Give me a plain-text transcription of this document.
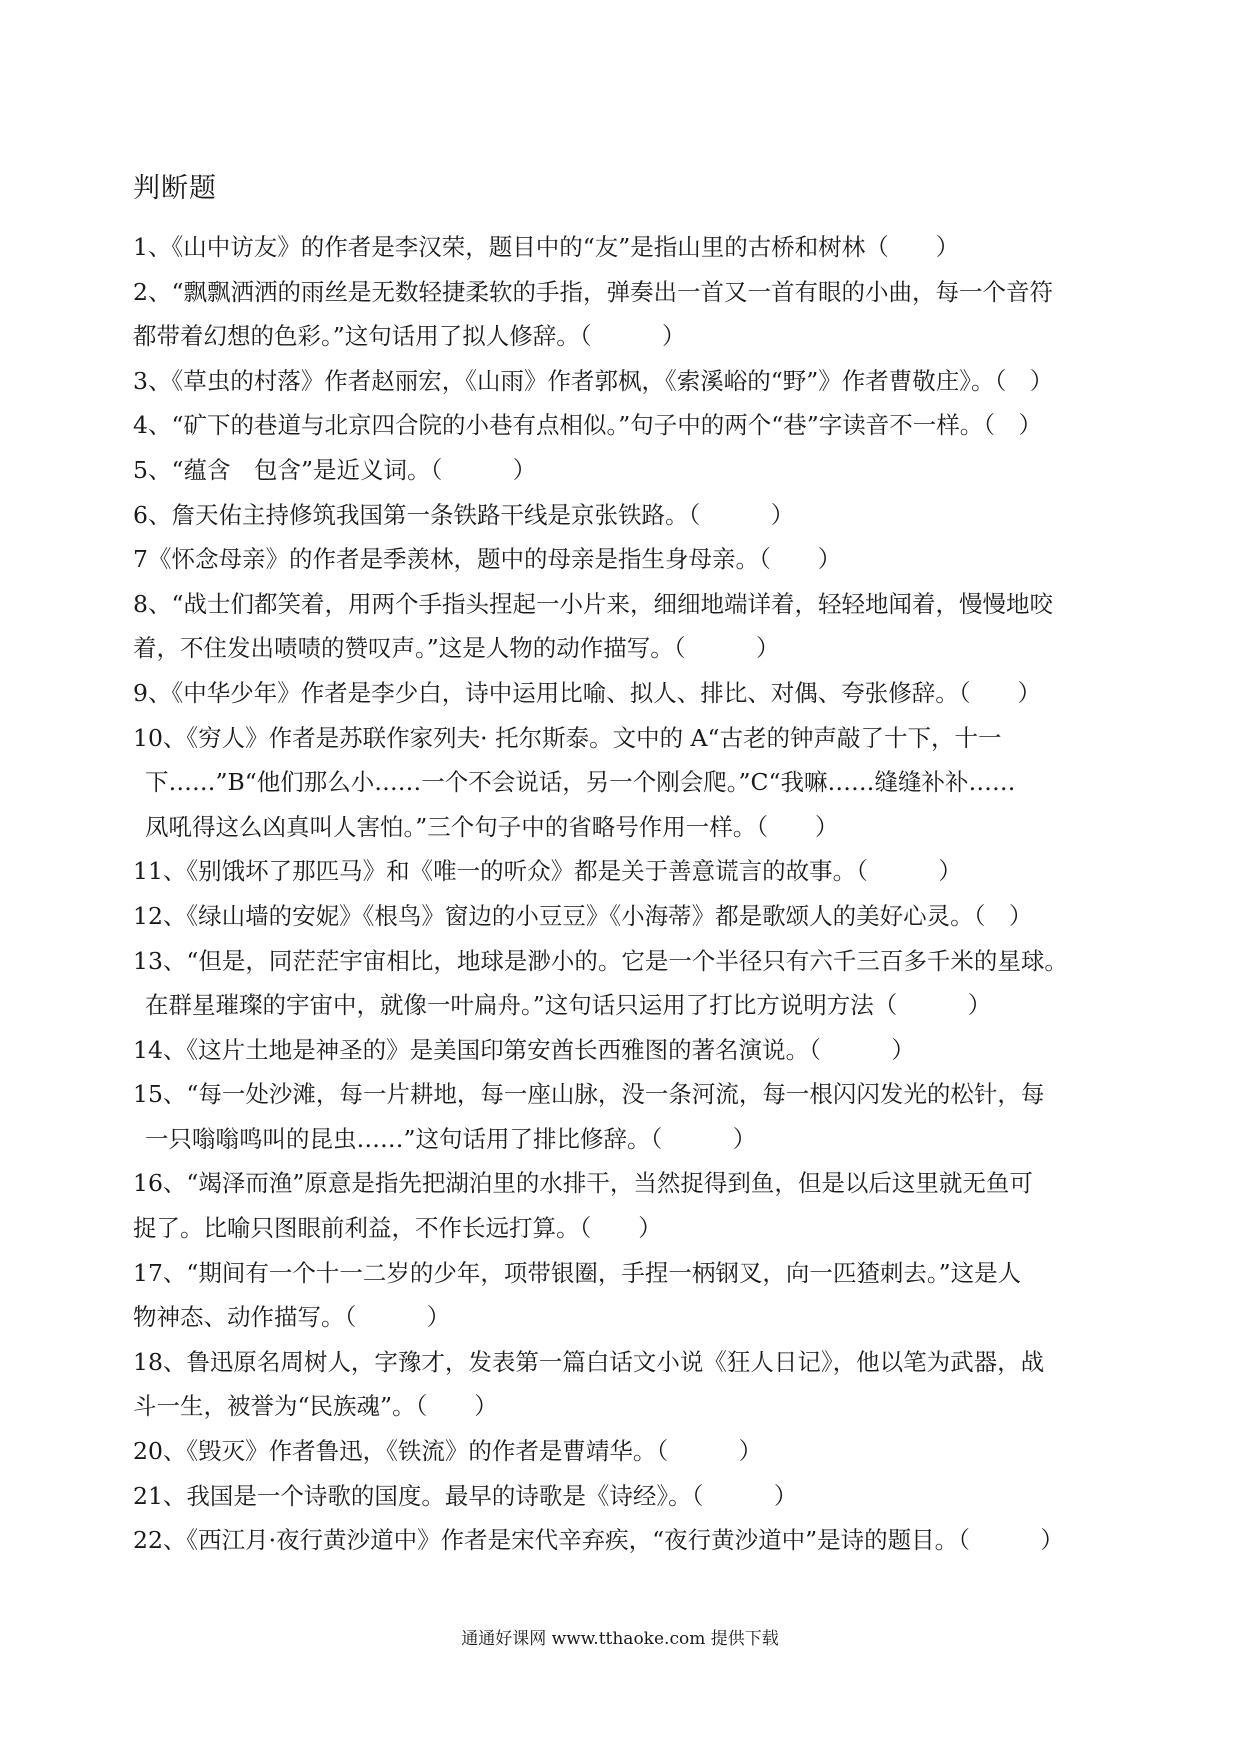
判断题
1、《山中访友》的作者是李汉荣，题目中的“友”是指山里的古桥和树林（　　）
2、“飘飘洒洒的雨丝是无数轻捷柔软的手指，弹奏出一首又一首有眼的小曲，每一个音符
都带着幻想的色彩。”这句话用了拟人修辞。（　　　）
3、《草虫的村落》作者赵丽宏，《山雨》作者郭枫，《索溪峪的“野”》作者曹敬庄》。（　）
4、“矿下的巷道与北京四合院的小巷有点相似。”句子中的两个“巷”字读音不一样。（　）
5、“蕴含　包含”是近义词。（　　　）
6、詹天佑主持修筑我国第一条铁路干线是京张铁路。（　　　）
7《怀念母亲》的作者是季羡林，题中的母亲是指生身母亲。（　　）
8、“战士们都笑着，用两个手指头捏起一小片来，细细地端详着，轻轻地闻着，慢慢地咬
着，不住发出啧啧的赞叹声。”这是人物的动作描写。（　　　）
9、《中华少年》作者是李少白，诗中运用比喻、拟人、排比、对偶、夸张修辞。（　　）
10、《穷人》作者是苏联作家列夫· 托尔斯泰。文中的 A“古老的钟声敲了十下，十一
下……”B“他们那么小……一个不会说话，另一个刚会爬。”C“我嘛……缝缝补补……
凤吼得这么凶真叫人害怕。”三个句子中的省略号作用一样。（　　）
11、《别饿坏了那匹马》和《唯一的听众》都是关于善意谎言的故事。（　　　）
12、《绿山墙的安妮》《根鸟》窗边的小豆豆》《小海蒂》都是歌颂人的美好心灵。（　）
13、“但是，同茫茫宇宙相比，地球是渺小的。它是一个半径只有六千三百多千米的星球。
在群星璀璨的宇宙中，就像一叶扁舟。”这句话只运用了打比方说明方法（　　　）
14、《这片土地是神圣的》是美国印第安酋长西雅图的著名演说。（　　　）
15、“每一处沙滩，每一片耕地，每一座山脉，没一条河流，每一根闪闪发光的松针，每
一只嗡嗡鸣叫的昆虫……”这句话用了排比修辞。（　　　）
16、“竭泽而渔”原意是指先把湖泊里的水排干，当然捉得到鱼，但是以后这里就无鱼可
捉了。比喻只图眼前利益，不作长远打算。（　　）
17、“期间有一个十一二岁的少年，项带银圈，手捏一柄钢叉，向一匹猹刺去。”这是人
物神态、动作描写。（　　　）
18、鲁迅原名周树人，字豫才，发表第一篇白话文小说《狂人日记》，他以笔为武器，战
斗一生，被誉为“民族魂”。（　　）
20、《毁灭》作者鲁迅，《铁流》的作者是曹靖华。（　　　）
21、我国是一个诗歌的国度。最早的诗歌是《诗经》。（　　　）
22、《西江月·夜行黄沙道中》作者是宋代辛弃疾，“夜行黄沙道中”是诗的题目。（　　　）
通通好课网 www.tthaoke.com 提供下载
